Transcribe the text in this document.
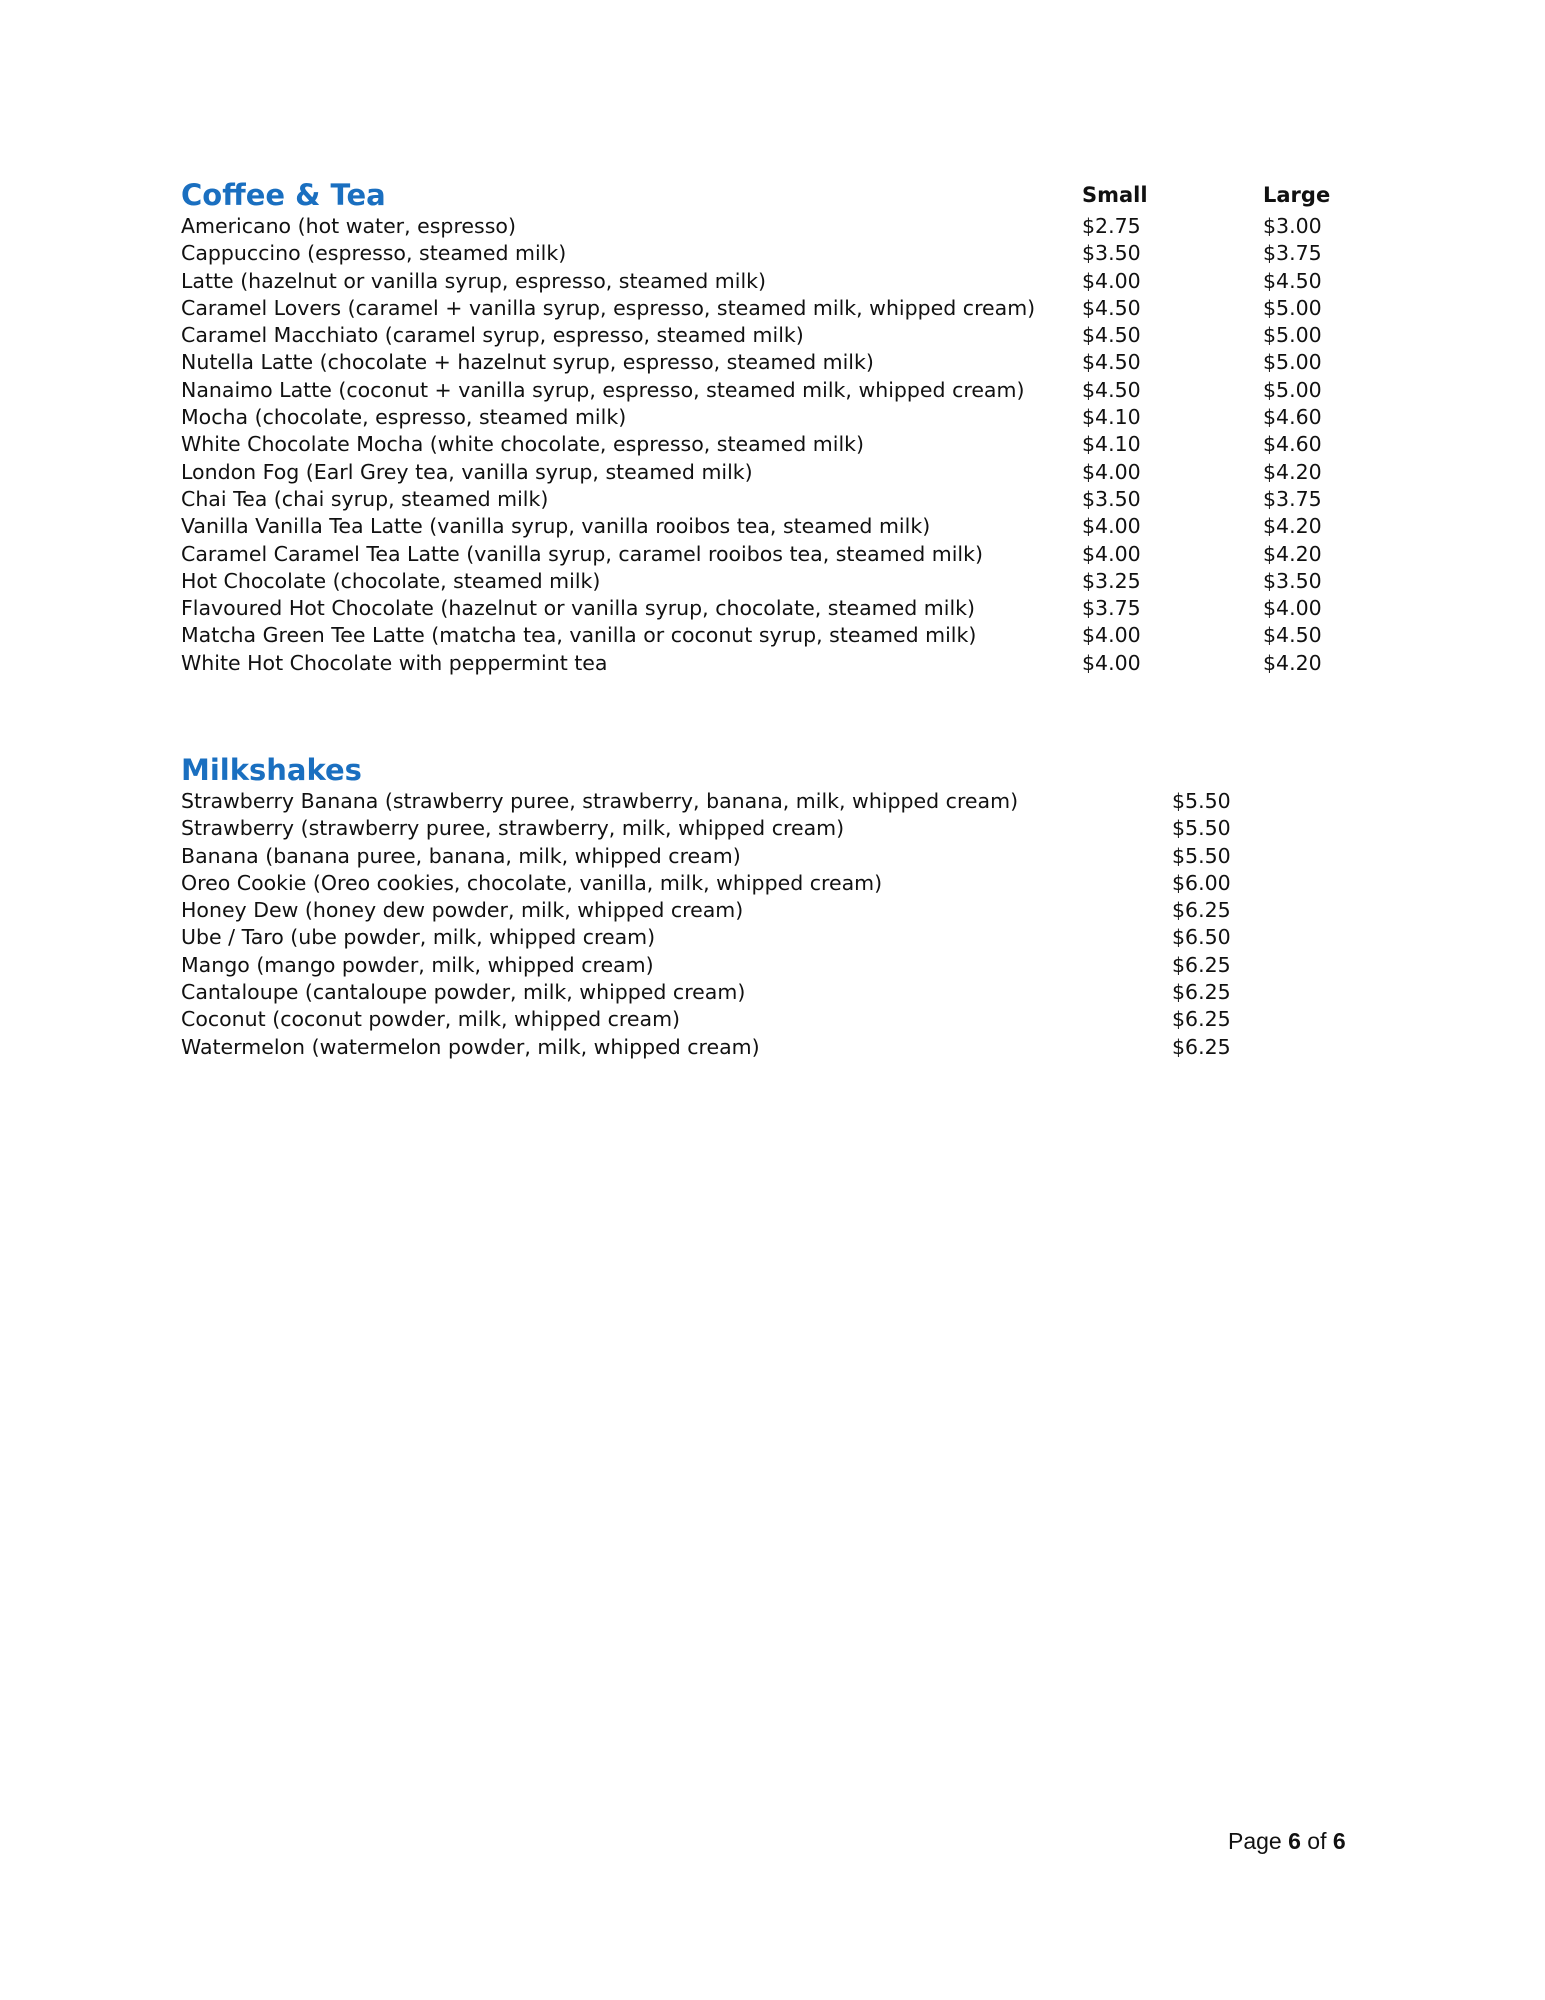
Coffee & Tea	Small	Large
Americano (hot water, espresso)	$2.75	$3.00
Cappuccino (espresso, steamed milk)	$3.50	$3.75
Latte (hazelnut or vanilla syrup, espresso, steamed milk)	$4.00	$4.50
Caramel Lovers (caramel + vanilla syrup, espresso, steamed milk, whipped cream) $4.50	$5.00
Caramel Macchiato (caramel syrup, espresso, steamed milk)	$4.50	$5.00
Nutella Latte (chocolate + hazelnut syrup, espresso, steamed milk)	$4.50	$5.00
Nanaimo Latte (coconut + vanilla syrup, espresso, steamed milk, whipped cream)	$4.50	$5.00
Mocha (chocolate, espresso, steamed milk)	$4.10	$4.60
White Chocolate Mocha (white chocolate, espresso, steamed milk)	$4.10	$4.60
London Fog (Earl Grey tea, vanilla syrup, steamed milk)	$4.00	$4.20
Chai Tea (chai syrup, steamed milk)	$3.50	$3.75
Vanilla Vanilla Tea Latte (vanilla syrup, vanilla rooibos tea, steamed milk)	$4.00	$4.20
Caramel Caramel Tea Latte (vanilla syrup, caramel rooibos tea, steamed milk)	$4.00	$4.20
Hot Chocolate (chocolate, steamed milk)	$3.25	$3.50
Flavoured Hot Chocolate (hazelnut or vanilla syrup, chocolate, steamed milk)	$3.75	$4.00
Matcha Green Tee Latte (matcha tea, vanilla or coconut syrup, steamed milk)	$4.00	$4.50
White Hot Chocolate with peppermint tea	$4.00	$4.20
Milkshakes
Strawberry Banana (strawberry puree, strawberry, banana, milk, whipped cream)	$5.50
Strawberry (strawberry puree, strawberry, milk, whipped cream)	$5.50
Banana (banana puree, banana, milk, whipped cream)	$5.50
Oreo Cookie (Oreo cookies, chocolate, vanilla, milk, whipped cream)	$6.00
Honey Dew (honey dew powder, milk, whipped cream)	$6.25
Ube / Taro (ube powder, milk, whipped cream)	$6.50
Mango (mango powder, milk, whipped cream)	$6.25
Cantaloupe (cantaloupe powder, milk, whipped cream)	$6.25
Coconut (coconut powder, milk, whipped cream)	$6.25
Watermelon (watermelon powder, milk, whipped cream)	$6.25
Page 6 of 6
